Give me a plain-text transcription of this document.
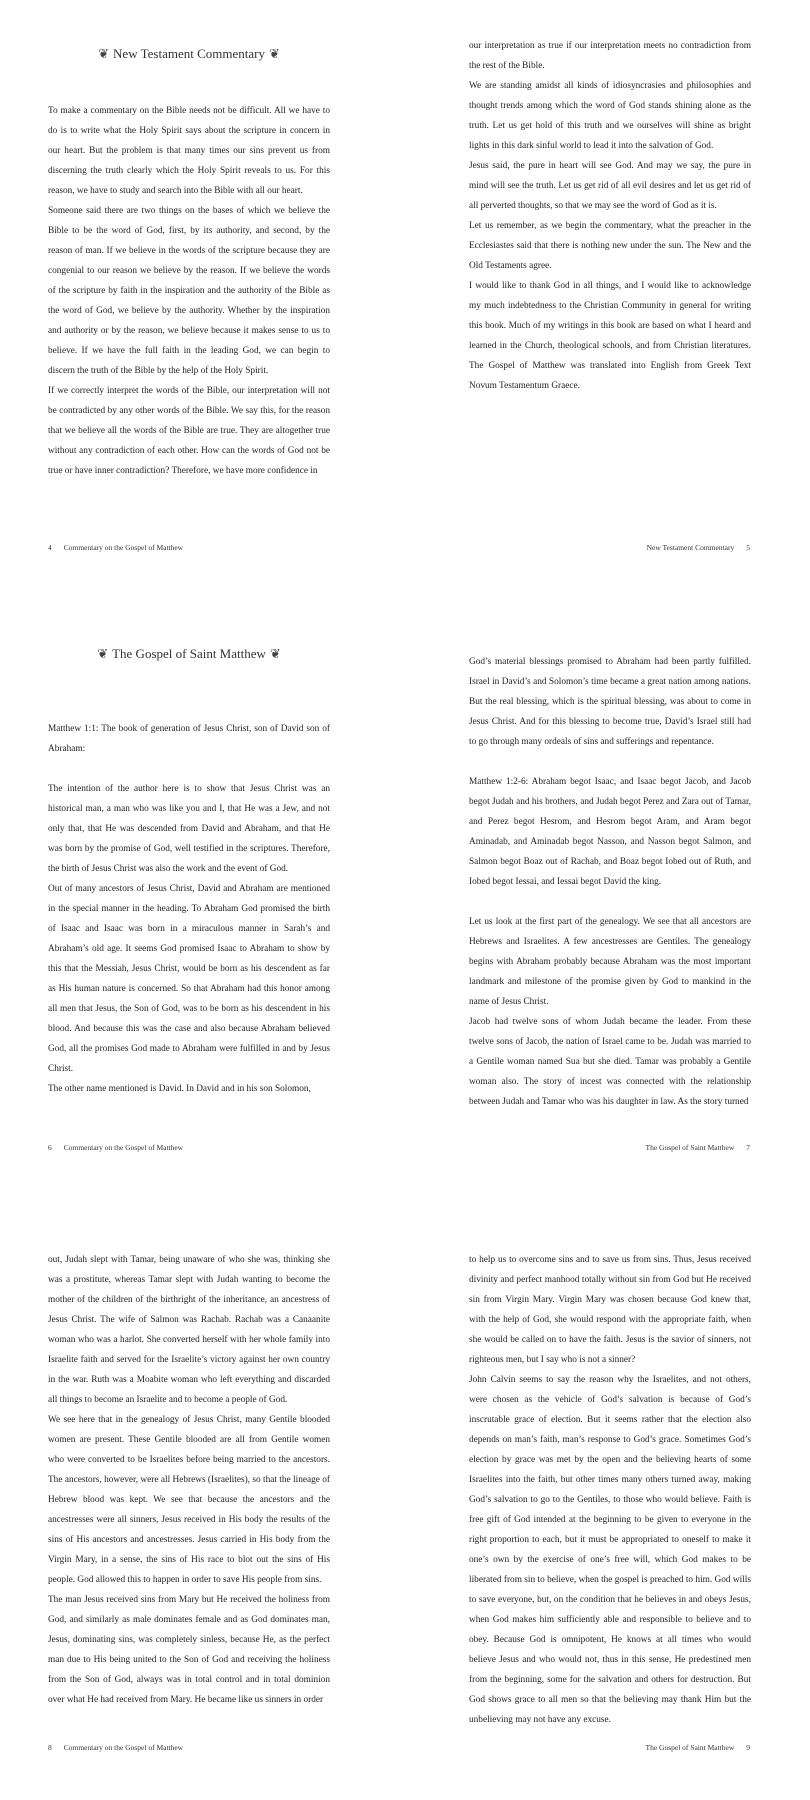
❦ New Testament Commentary ❦

To make a commentary on the Bible needs not be difficult. All we have to do is to write what the Holy Spirit says about the scripture in concern in our heart. But the problem is that many times our sins prevent us from discerning the truth clearly which the Holy Spirit reveals to us. For this reason, we have to study and search into the Bible with all our heart.

Someone said there are two things on the bases of which we believe the Bible to be the word of God, first, by its authority, and second, by the reason of man. If we believe in the words of the scripture because they are congenial to our reason we believe by the reason. If we believe the words of the scripture by faith in the inspiration and the authority of the Bible as the word of God, we believe by the authority. Whether by the inspiration and authority or by the reason, we believe because it makes sense to us to believe. If we have the full faith in the leading God, we can begin to discern the truth of the Bible by the help of the Holy Spirit.

If we correctly interpret the words of the Bible, our interpretation will not be contradicted by any other words of the Bible. We say this, for the reason that we believe all the words of the Bible are true. They are altogether true without any contradiction of each other. How can the words of God not be true or have inner contradiction? Therefore, we have more confidence in

4 Commentary on the Gospel of Matthew

our interpretation as true if our interpretation meets no contradiction from the rest of the Bible.

We are standing amidst all kinds of idiosyncrasies and philosophies and thought trends among which the word of God stands shining alone as the truth. Let us get hold of this truth and we ourselves will shine as bright lights in this dark sinful world to lead it into the salvation of God.

Jesus said, the pure in heart will see God. And may we say, the pure in mind will see the truth. Let us get rid of all evil desires and let us get rid of all perverted thoughts, so that we may see the word of God as it is.

Let us remember, as we begin the commentary, what the preacher in the Ecclesiastes said that there is nothing new under the sun. The New and the Old Testaments agree.

I would like to thank God in all things, and I would like to acknowledge my much indebtedness to the Christian Community in general for writing this book. Much of my writings in this book are based on what I heard and learned in the Church, theological schools, and from Christian literatures. The Gospel of Matthew was translated into English from Greek Text Novum Testamentum Graece.

New Testament Commentary 5
❦ The Gospel of Saint Matthew ❦

Matthew 1:1: The book of generation of Jesus Christ, son of David son of Abraham:

The intention of the author here is to show that Jesus Christ was an historical man, a man who was like you and I, that He was a Jew, and not only that, that He was descended from David and Abraham, and that He was born by the promise of God, well testified in the scriptures. Therefore, the birth of Jesus Christ was also the work and the event of God.

Out of many ancestors of Jesus Christ, David and Abraham are mentioned in the special manner in the heading. To Abraham God promised the birth of Isaac and Isaac was born in a miraculous manner in Sarah’s and Abraham’s old age. It seems God promised Isaac to Abraham to show by this that the Messiah, Jesus Christ, would be born as his descendent as far as His human nature is concerned. So that Abraham had this honor among all men that Jesus, the Son of God, was to be born as his descendent in his blood. And because this was the case and also because Abraham believed God, all the promises God made to Abraham were fulfilled in and by Jesus Christ.

The other name mentioned is David. In David and in his son Solomon,

6 Commentary on the Gospel of Matthew

God’s material blessings promised to Abraham had been partly fulfilled. Israel in David’s and Solomon’s time became a great nation among nations. But the real blessing, which is the spiritual blessing, was about to come in Jesus Christ. And for this blessing to become true, David’s Israel still had to go through many ordeals of sins and sufferings and repentance.

Matthew 1:2-6: Abraham begot Isaac, and Isaac begot Jacob, and Jacob begot Judah and his brothers, and Judah begot Perez and Zara out of Tamar, and Perez begot Hesrom, and Hesrom begot Aram, and Aram begot Aminadab, and Aminadab begot Nasson, and Nasson begot Salmon, and Salmon begot Boaz out of Rachab, and Boaz begot Iobed out of Ruth, and Iobed begot Iessai, and Iessai begot David the king.

Let us look at the first part of the genealogy. We see that all ancestors are Hebrews and Israelites. A few ancestresses are Gentiles. The genealogy begins with Abraham probably because Abraham was the most important landmark and milestone of the promise given by God to mankind in the name of Jesus Christ.

Jacob had twelve sons of whom Judah became the leader. From these twelve sons of Jacob, the nation of Israel came to be. Judah was married to a Gentile woman named Sua but she died. Tamar was probably a Gentile woman also. The story of incest was connected with the relationship between Judah and Tamar who was his daughter in law. As the story turned

The Gospel of Saint Matthew 7

out, Judah slept with Tamar, being unaware of who she was, thinking she was a prostitute, whereas Tamar slept with Judah wanting to become the mother of the children of the birthright of the inheritance, an ancestress of Jesus Christ. The wife of Salmon was Rachab. Rachab was a Canaanite woman who was a harlot. She converted herself with her whole family into Israelite faith and served for the Israelite’s victory against her own country in the war. Ruth was a Moabite woman who left everything and discarded all things to become an Israelite and to become a people of God.

We see here that in the genealogy of Jesus Christ, many Gentile blooded women are present. These Gentile blooded are all from Gentile women who were converted to be Israelites before being married to the ancestors. The ancestors, however, were all Hebrews (Israelites), so that the lineage of Hebrew blood was kept. We see that because the ancestors and the ancestresses were all sinners, Jesus received in His body the results of the sins of His ancestors and ancestresses. Jesus carried in His body from the Virgin Mary, in a sense, the sins of His race to blot out the sins of His people. God allowed this to happen in order to save His people from sins.

The man Jesus received sins from Mary but He received the holiness from God, and similarly as male dominates female and as God dominates man, Jesus, dominating sins, was completely sinless, because He, as the perfect man due to His being united to the Son of God and receiving the holiness from the Son of God, always was in total control and in total dominion over what He had received from Mary. He became like us sinners in order

8 Commentary on the Gospel of Matthew

to help us to overcome sins and to save us from sins. Thus, Jesus received divinity and perfect manhood totally without sin from God but He received sin from Virgin Mary. Virgin Mary was chosen because God knew that, with the help of God, she would respond with the appropriate faith, when she would be called on to have the faith. Jesus is the savior of sinners, not righteous men, but I say who is not a sinner?

John Calvin seems to say the reason why the Israelites, and not others, were chosen as the vehicle of God’s salvation is because of God’s inscrutable grace of election. But it seems rather that the election also depends on man’s faith, man’s response to God’s grace. Sometimes God’s election by grace was met by the open and the believing hearts of some Israelites into the faith, but other times many others turned away, making God’s salvation to go to the Gentiles, to those who would believe. Faith is free gift of God intended at the beginning to be given to everyone in the right proportion to each, but it must be appropriated to oneself to make it one’s own by the exercise of one’s free will, which God makes to be liberated from sin to believe, when the gospel is preached to him. God wills to save everyone, but, on the condition that he believes in and obeys Jesus, when God makes him sufficiently able and responsible to believe and to obey. Because God is omnipotent, He knows at all times who would believe Jesus and who would not, thus in this sense, He predestined men from the beginning, some for the salvation and others for destruction. But God shows grace to all men so that the believing may thank Him but the unbelieving may not have any excuse.

The Gospel of Saint Matthew 9
